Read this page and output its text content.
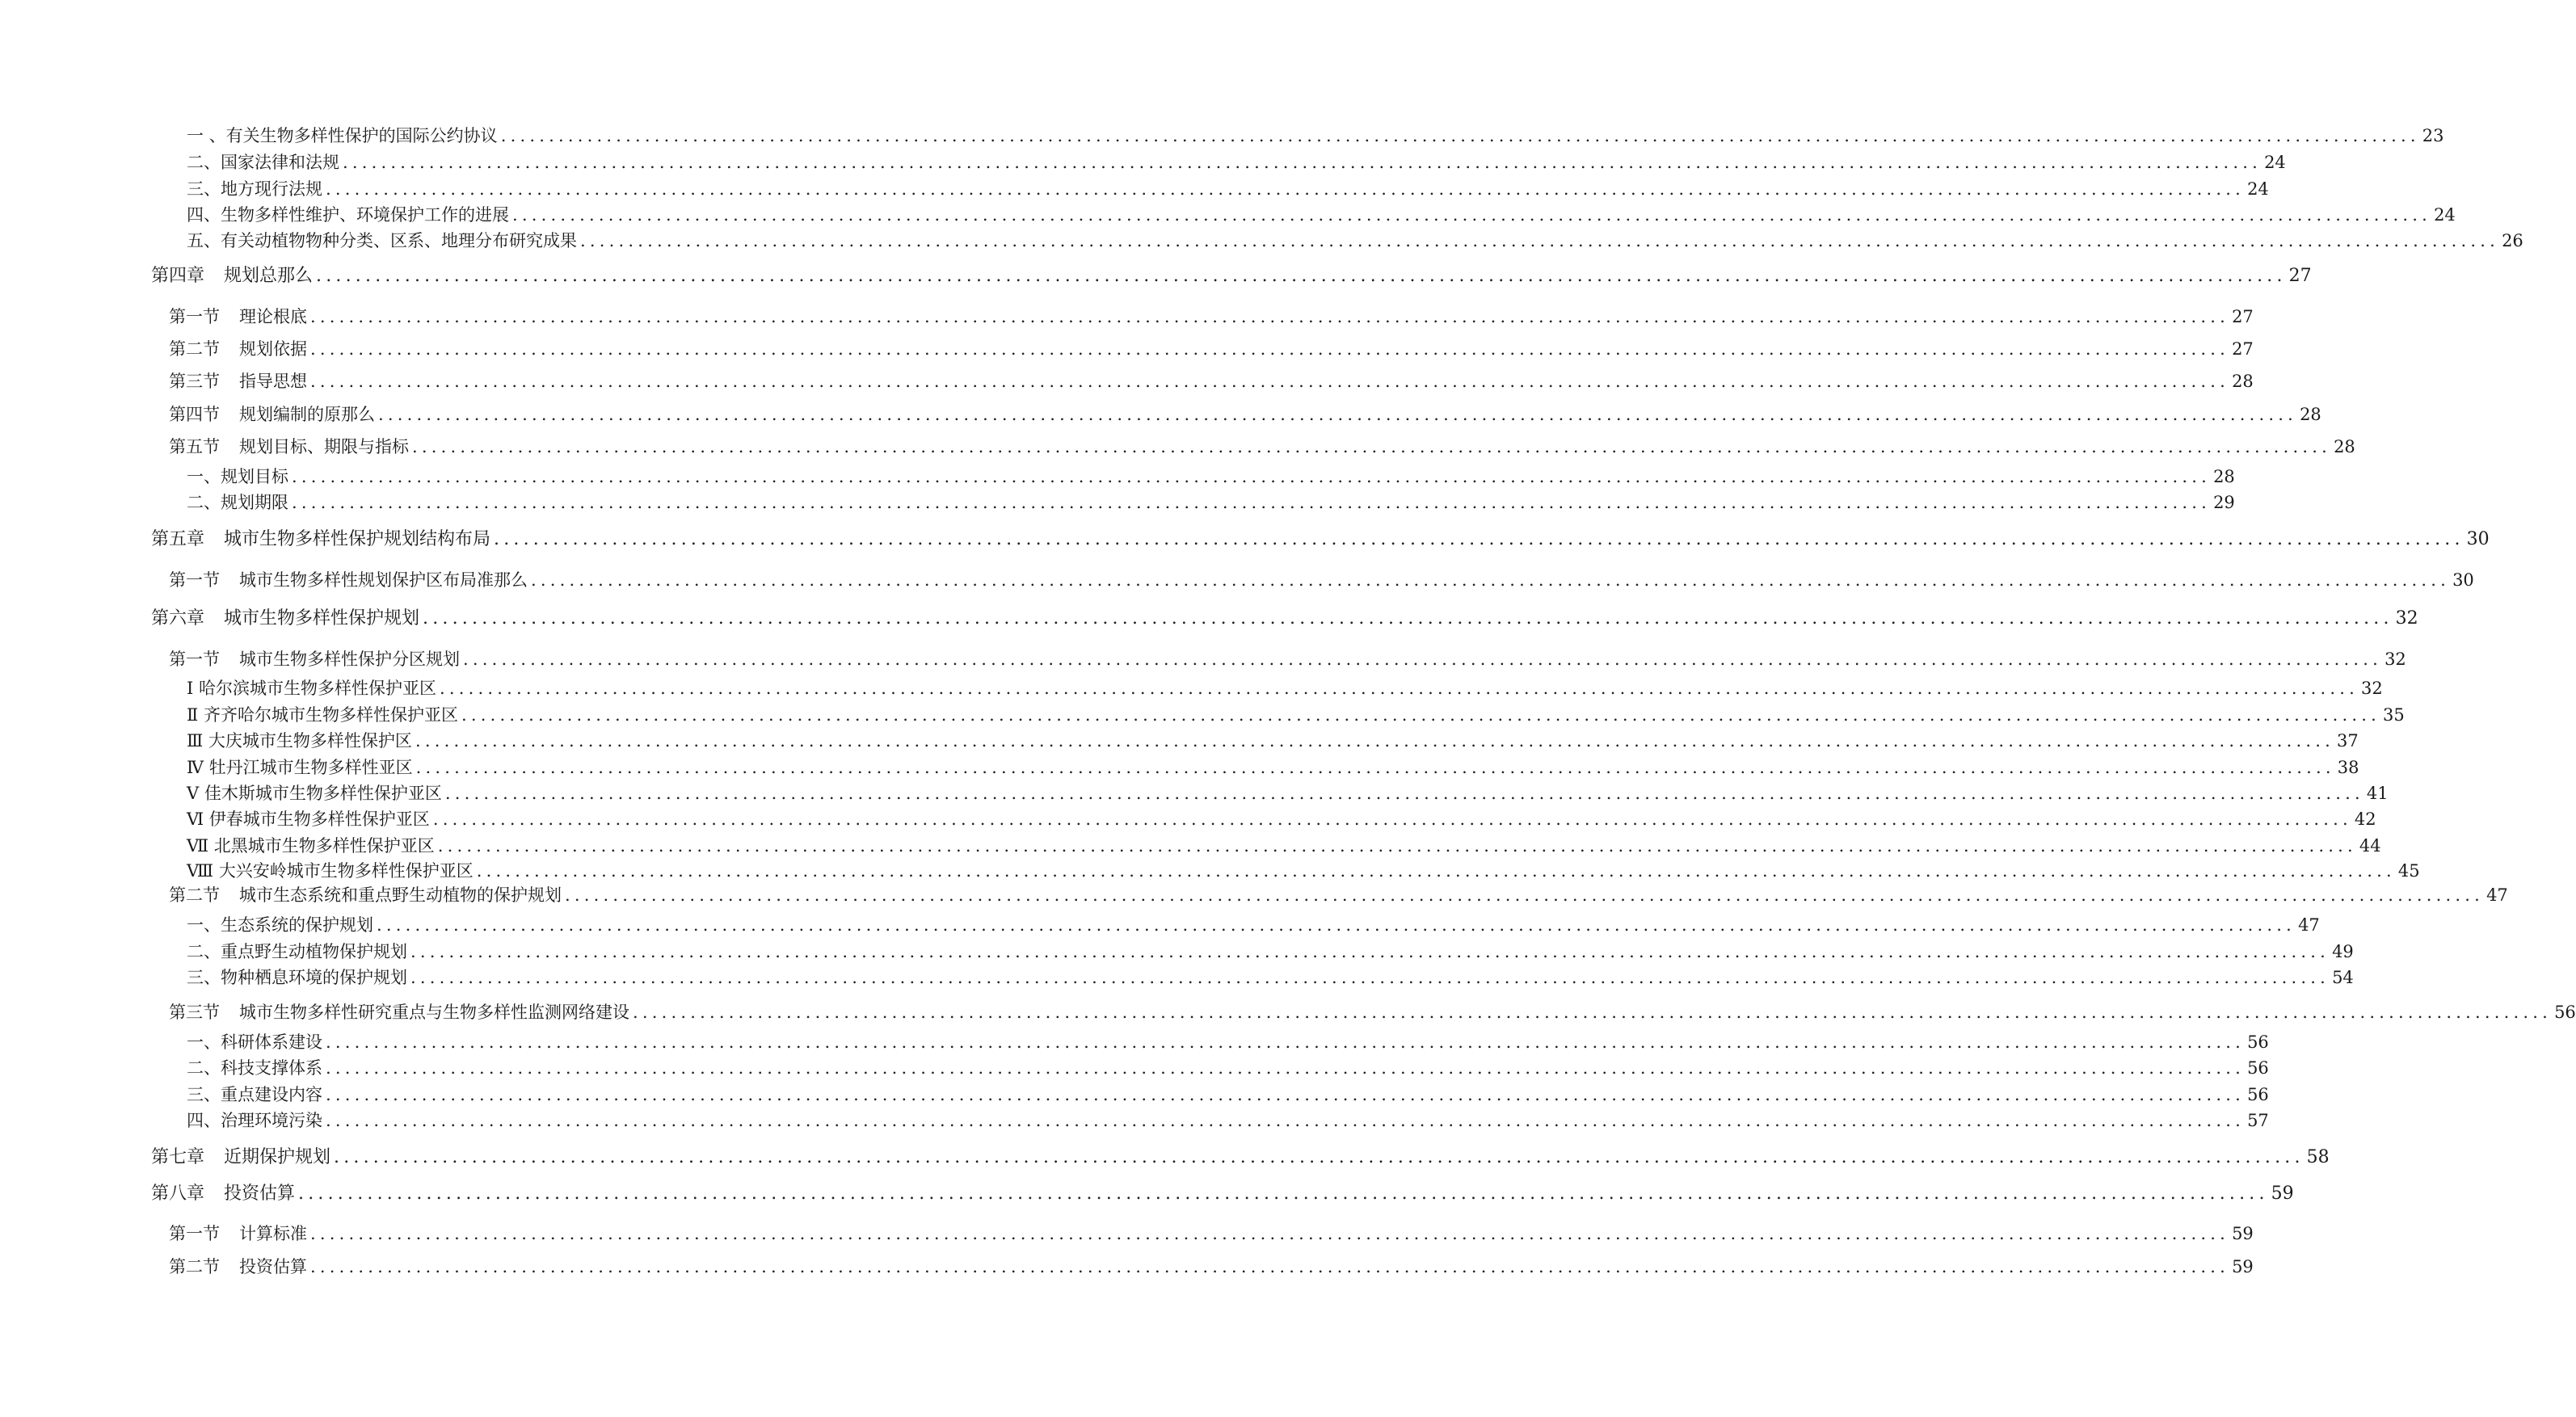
一 、有关生物多样性保护的国际公约协议 ........................................................................................................................................................................................................ 23
二、国家法律和法规 ........................................................................................................................................................................................................ 24
三、地方现行法规 ........................................................................................................................................................................................................ 24
四、生物多样性维护、环境保护工作的进展 ........................................................................................................................................................................................................ 24
五、有关动植物物种分类、区系、地理分布研究成果 ........................................................................................................................................................................................................ 26
第四章 规划总那么 ........................................................................................................................................................................................................ 27
第一节 理论根底 ........................................................................................................................................................................................................ 27
第二节 规划依据 ........................................................................................................................................................................................................ 27
第三节 指导思想 ........................................................................................................................................................................................................ 28
第四节 规划编制的原那么 ........................................................................................................................................................................................................ 28
第五节 规划目标、期限与指标 ........................................................................................................................................................................................................ 28
一、规划目标 ........................................................................................................................................................................................................ 28
二、规划期限 ........................................................................................................................................................................................................ 29
第五章 城市生物多样性保护规划结构布局 ........................................................................................................................................................................................................ 30
第一节 城市生物多样性规划保护区布局准那么 ........................................................................................................................................................................................................ 30
第六章 城市生物多样性保护规划 ........................................................................................................................................................................................................ 32
第一节 城市生物多样性保护分区规划 ........................................................................................................................................................................................................ 32
Ⅰ 哈尔滨城市生物多样性保护亚区 ........................................................................................................................................................................................................ 32
Ⅱ 齐齐哈尔城市生物多样性保护亚区 ........................................................................................................................................................................................................ 35
Ⅲ 大庆城市生物多样性保护区 ........................................................................................................................................................................................................ 37
Ⅳ 牡丹江城市生物多样性亚区 ........................................................................................................................................................................................................ 38
Ⅴ 佳木斯城市生物多样性保护亚区 ........................................................................................................................................................................................................ 41
Ⅵ 伊春城市生物多样性保护亚区 ........................................................................................................................................................................................................ 42
Ⅶ 北黑城市生物多样性保护亚区 ........................................................................................................................................................................................................ 44
Ⅷ 大兴安岭城市生物多样性保护亚区 ........................................................................................................................................................................................................ 45
第二节 城市生态系统和重点野生动植物的保护规划 ........................................................................................................................................................................................................ 47
一、生态系统的保护规划 ........................................................................................................................................................................................................ 47
二、重点野生动植物保护规划 ........................................................................................................................................................................................................ 49
三、物种栖息环境的保护规划 ........................................................................................................................................................................................................ 54
第三节 城市生物多样性研究重点与生物多样性监测网络建设 ........................................................................................................................................................................................................ 56
一、科研体系建设 ........................................................................................................................................................................................................ 56
二、科技支撑体系 ........................................................................................................................................................................................................ 56
三、重点建设内容 ........................................................................................................................................................................................................ 56
四、治理环境污染 ........................................................................................................................................................................................................ 57
第七章 近期保护规划 ........................................................................................................................................................................................................ 58
第八章 投资估算 ........................................................................................................................................................................................................ 59
第一节 计算标准 ........................................................................................................................................................................................................ 59
第二节 投资估算 ........................................................................................................................................................................................................ 59
